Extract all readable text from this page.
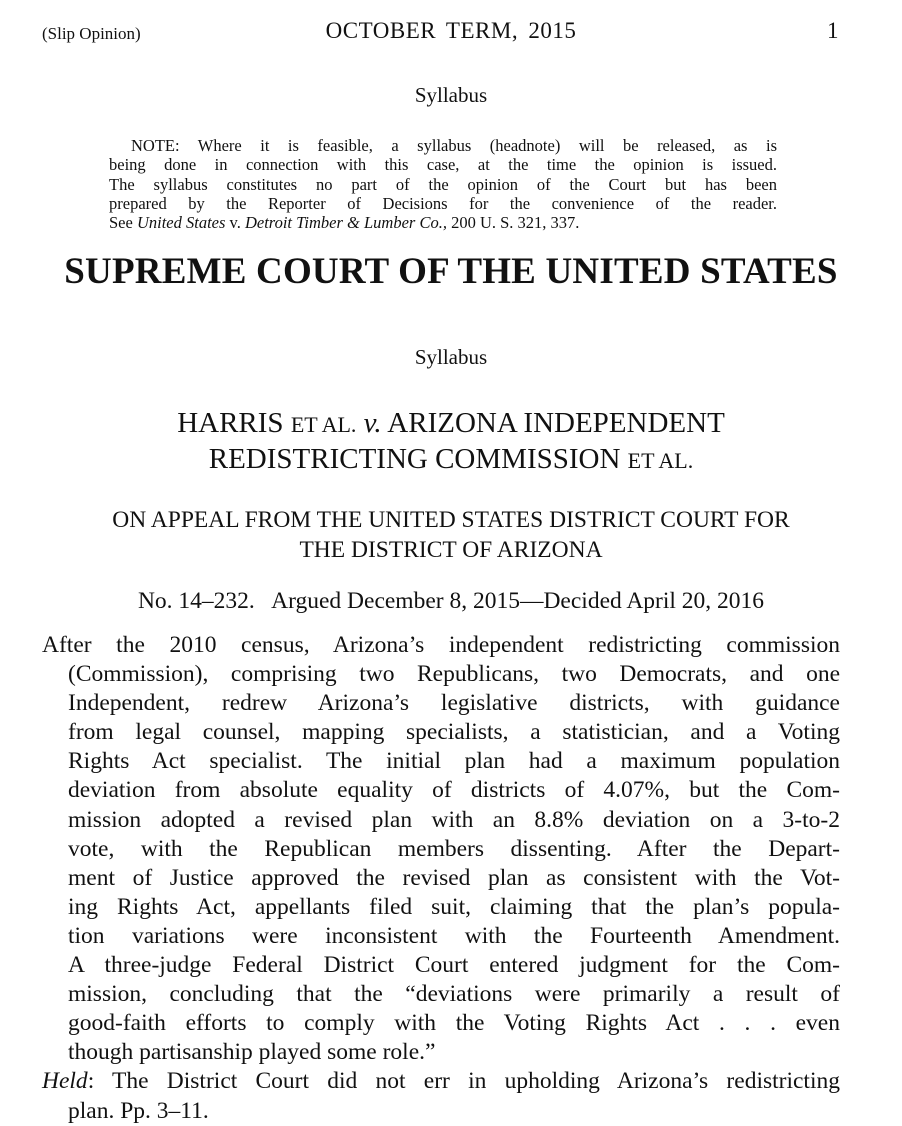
(Slip Opinion)	OCTOBER TERM, 2015	1
Syllabus
NOTE: Where it is feasible, a syllabus (headnote) will be released, as is
being done in connection with this case, at the time the opinion is issued.
The syllabus constitutes no part of the opinion of the Court but has been
prepared by the Reporter of Decisions for the convenience of the reader.
See United States v. Detroit Timber & Lumber Co., 200 U. S. 321, 337.
SUPREME COURT OF THE UNITED STATES
Syllabus
HARRIS ET AL. v. ARIZONA INDEPENDENT
REDISTRICTING COMMISSION ET AL.
ON APPEAL FROM THE UNITED STATES DISTRICT COURT FOR
THE DISTRICT OF ARIZONA
No. 14–232.   Argued December 8, 2015—Decided April 20, 2016
After the 2010 census, Arizona’s independent redistricting commission
(Commission), comprising two Republicans, two Democrats, and one
Independent, redrew Arizona’s legislative districts, with guidance
from legal counsel, mapping specialists, a statistician, and a Voting
Rights Act specialist. The initial plan had a maximum population
deviation from absolute equality of districts of 4.07%, but the Com-
mission adopted a revised plan with an 8.8% deviation on a 3-to-2
vote, with the Republican members dissenting. After the Depart-
ment of Justice approved the revised plan as consistent with the Vot-
ing Rights Act, appellants filed suit, claiming that the plan’s popula-
tion variations were inconsistent with the Fourteenth Amendment.
A three-judge Federal District Court entered judgment for the Com-
mission, concluding that the “deviations were primarily a result of
good-faith efforts to comply with the Voting Rights Act . . . even
though partisanship played some role.”
Held: The District Court did not err in upholding Arizona’s redistricting
plan. Pp. 3–11.
